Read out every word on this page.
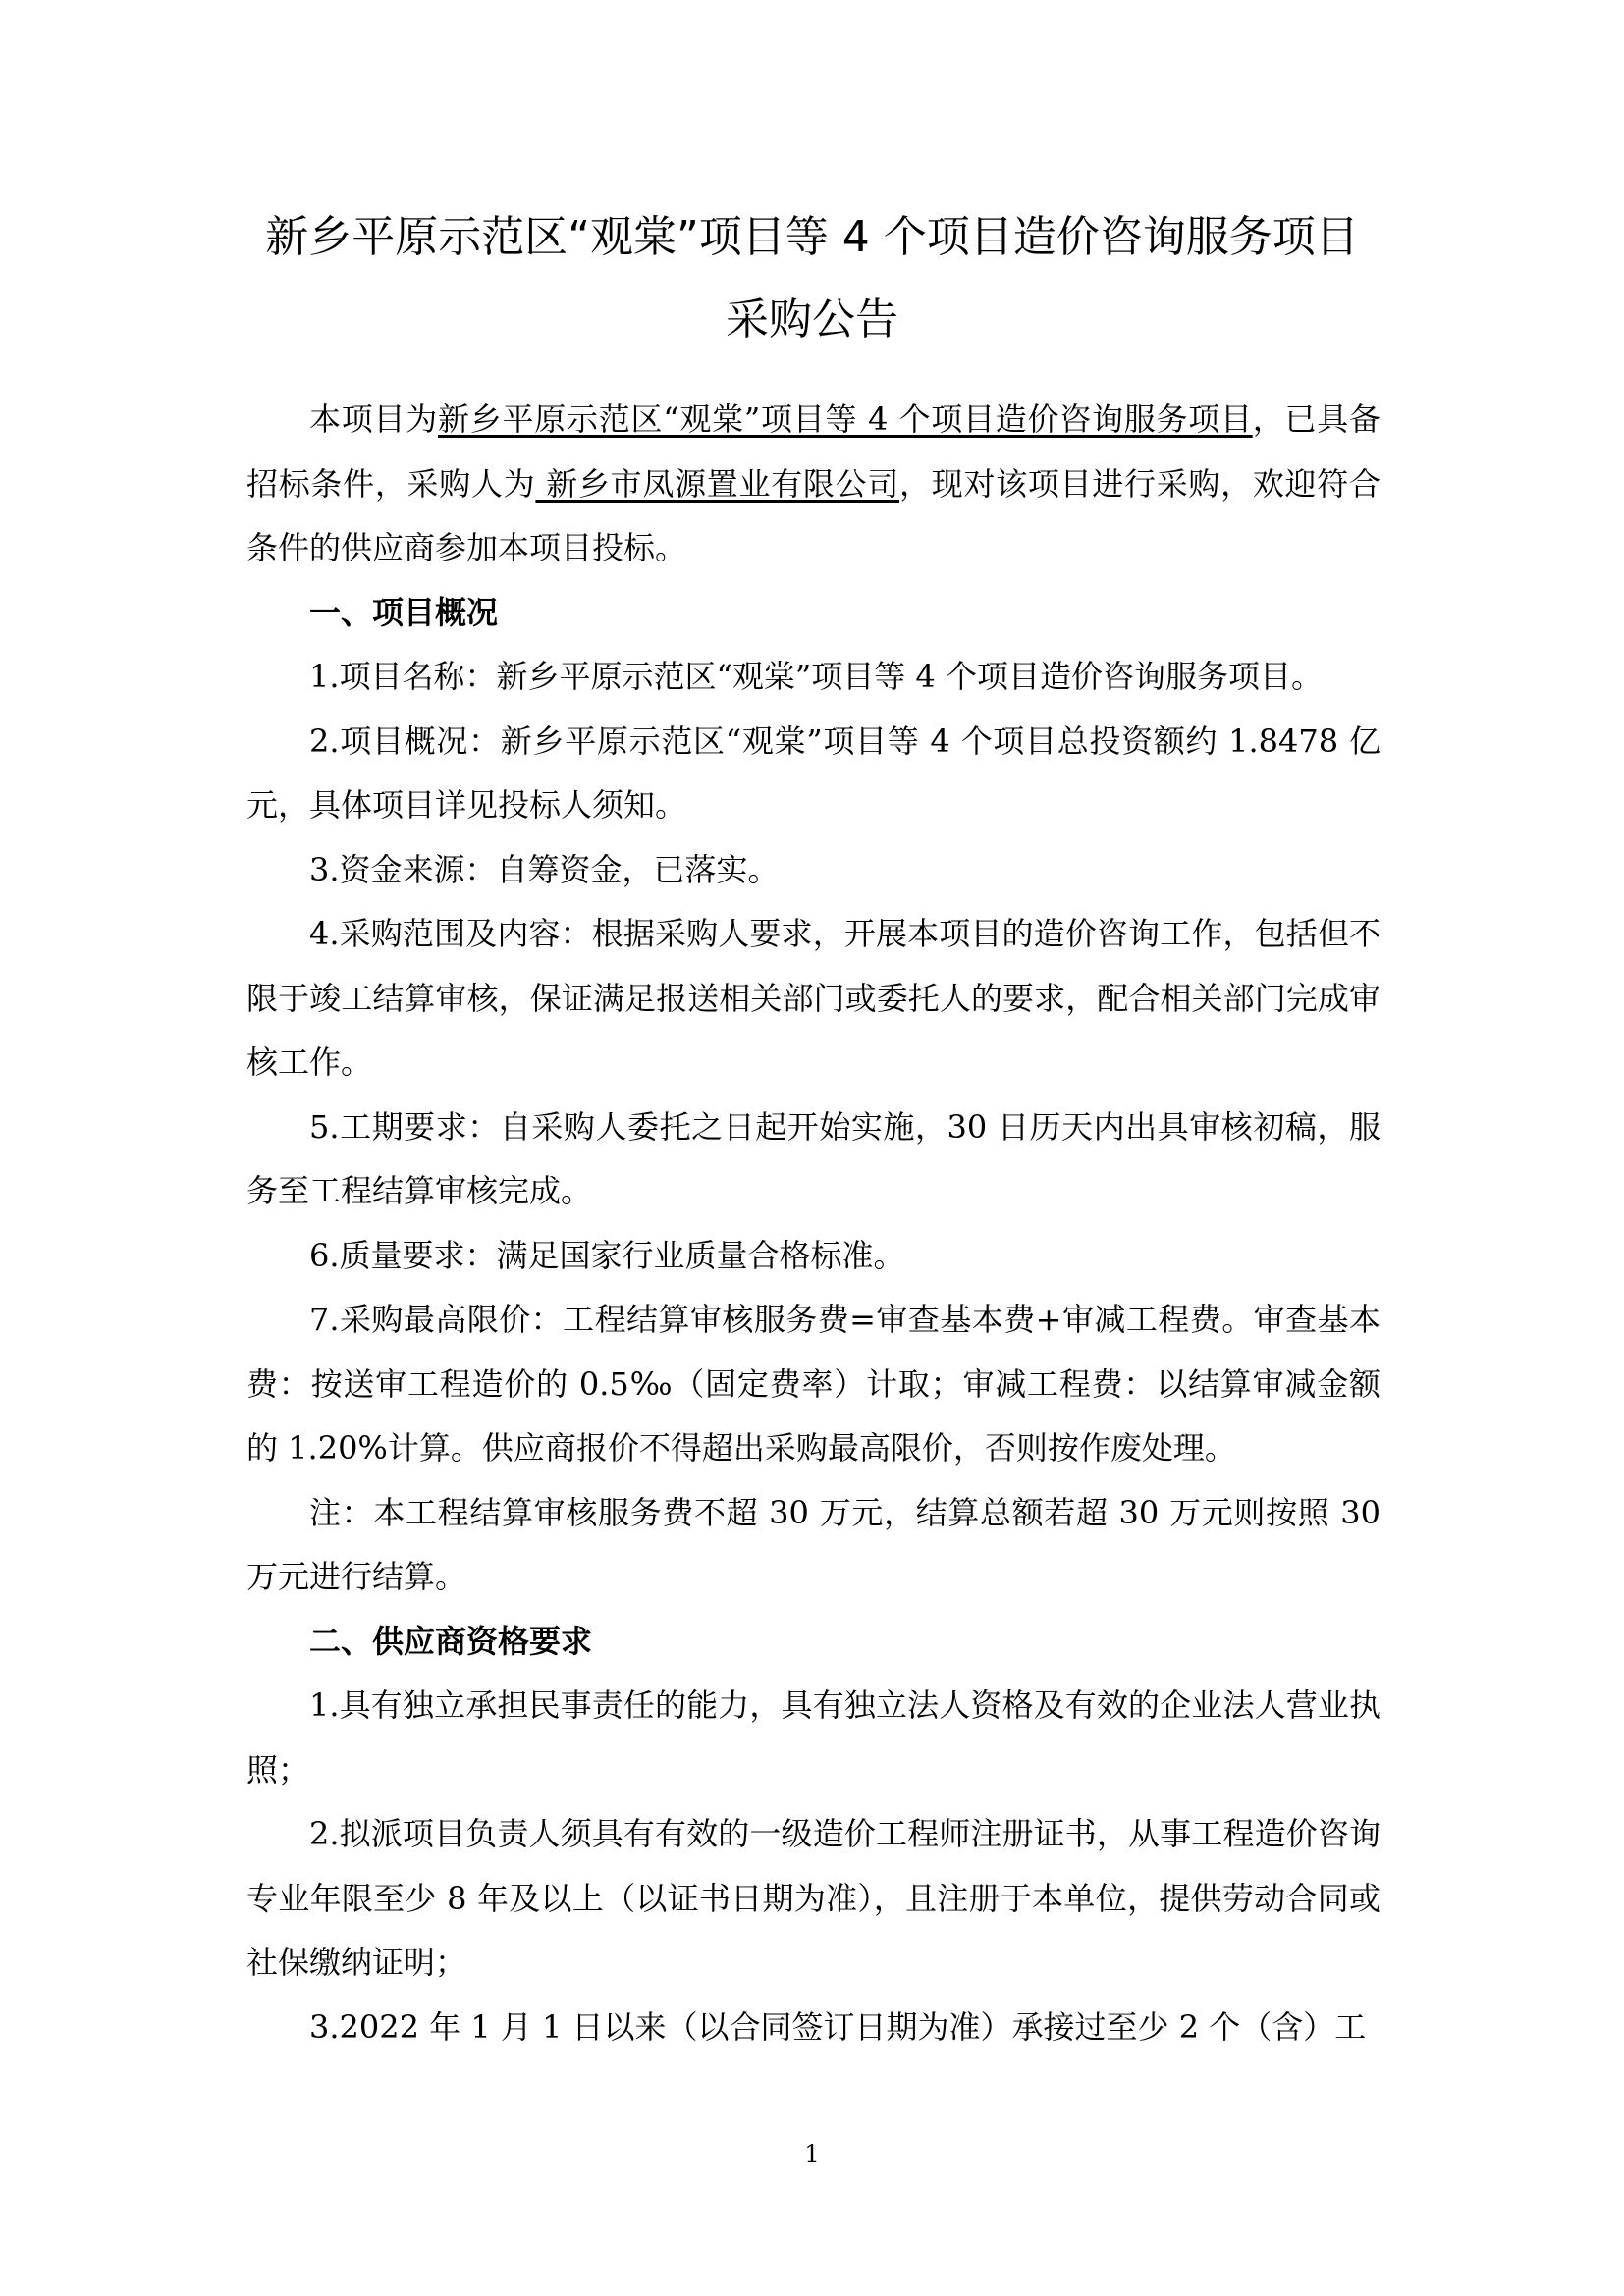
新乡平原示范区“观棠”项目等 4 个项目造价咨询服务项目
采购公告

本项目为新乡平原示范区“观棠”项目等 4 个项目造价咨询服务项目，已具备招标条件，采购人为 新乡市凤源置业有限公司，现对该项目进行采购，欢迎符合条件的供应商参加本项目投标。

一、项目概况

1.项目名称：新乡平原示范区“观棠”项目等 4 个项目造价咨询服务项目。

2.项目概况：新乡平原示范区“观棠”项目等 4 个项目总投资额约 1.8478 亿元，具体项目详见投标人须知。

3.资金来源：自筹资金，已落实。

4.采购范围及内容：根据采购人要求，开展本项目的造价咨询工作，包括但不限于竣工结算审核，保证满足报送相关部门或委托人的要求，配合相关部门完成审核工作。

5.工期要求：自采购人委托之日起开始实施，30 日历天内出具审核初稿，服务至工程结算审核完成。

6.质量要求：满足国家行业质量合格标准。

7.采购最高限价：工程结算审核服务费=审查基本费+审减工程费。审查基本费：按送审工程造价的 0.5‰（固定费率）计取；审减工程费：以结算审减金额的 1.20%计算。供应商报价不得超出采购最高限价，否则按作废处理。

注：本工程结算审核服务费不超 30 万元，结算总额若超 30 万元则按照 30 万元进行结算。

二、供应商资格要求

1.具有独立承担民事责任的能力，具有独立法人资格及有效的企业法人营业执照；

2.拟派项目负责人须具有有效的一级造价工程师注册证书，从事工程造价咨询专业年限至少 8 年及以上（以证书日期为准），且注册于本单位，提供劳动合同或社保缴纳证明；

3.2022 年 1 月 1 日以来（以合同签订日期为准）承接过至少 2 个（含）工

1
